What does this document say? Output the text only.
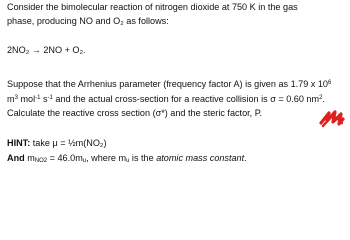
Consider the bimolecular reaction of nitrogen dioxide at 750 K in the gas
phase, producing NO and O₂ as follows:
2NO₂ → 2NO + O₂.
Suppose that the Arrhenius parameter (frequency factor A) is given as 1.79 x $10^6$
$m^3$ mol$^{-1}$ $s^{-1}$ and the actual cross-section for a reactive collision is σ = 0.60 $nm^2$.
Calculate the reactive cross section (σ*) and the steric factor, P.
HINT: take μ = ½m(NO₂)
And $m_{NO2} = 46.0m_u$, where $m_u$ is the atomic mass constant.
